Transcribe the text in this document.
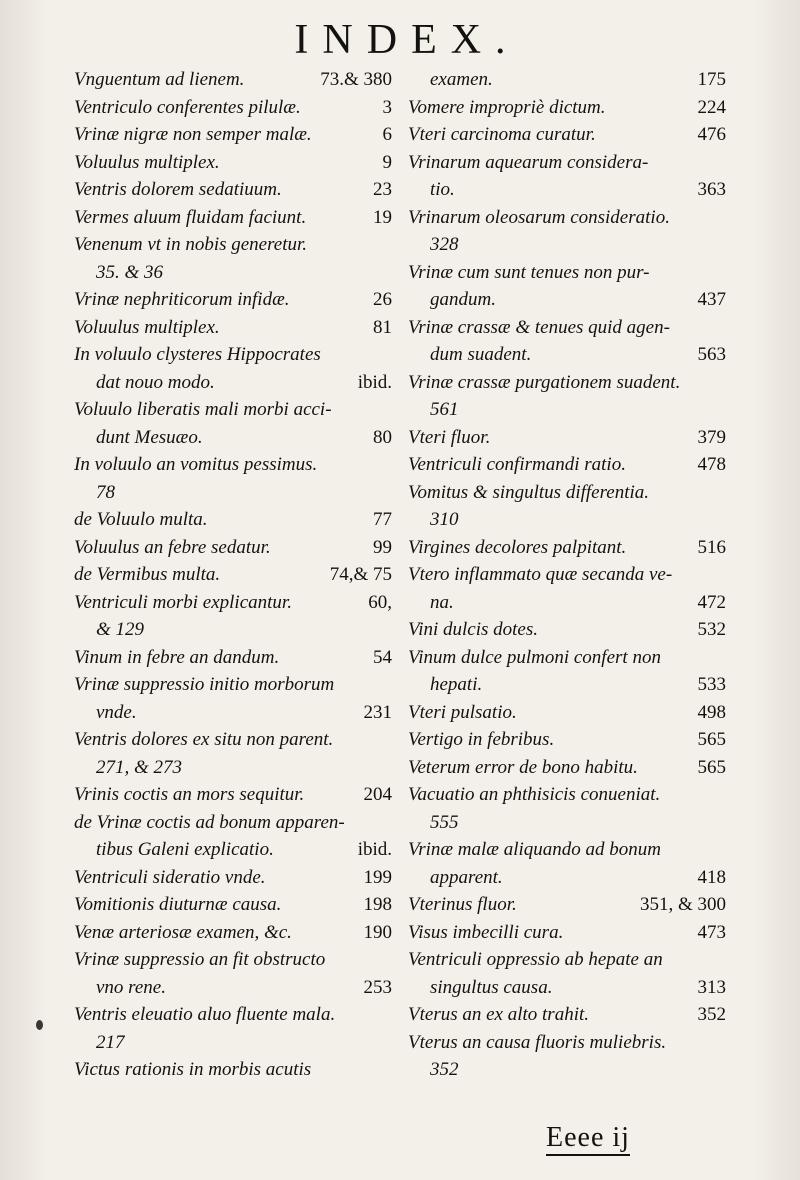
INDEX.
Vnguentum ad lienem.	73.& 380
Ventriculo conferentes pilulæ.	3
Vrinæ nigræ non semper malæ.	6
Voluulus multiplex.	9
Ventris dolorem sedatiuum.	23
Vermes aluum fluidam faciunt.	19
Venenum vt in nobis generetur.
35. & 36
Vrinæ nephriticorum infidæ.	26
Voluulus multiplex.	81
In voluulo clysteres Hippocrates
dat nouo modo.	ibid.
Voluulo liberatis mali morbi acci-
dunt Mesuæo.	80
In voluulo an vomitus pessimus.
78
de Voluulo multa.	77
Voluulus an febre sedatur.	99
de Vermibus multa.	74,& 75
Ventriculi morbi explicantur.	60,
& 129
Vinum in febre an dandum.	54
Vrinæ suppressio initio morborum
vnde.	231
Ventris dolores ex situ non parent.
271, & 273
Vrinis coctis an mors sequitur.	204
de Vrinæ coctis ad bonum apparen-
tibus Galeni explicatio.	ibid.
Ventriculi sideratio vnde.	199
Vomitionis diuturnæ causa.	198
Venæ arteriosæ examen, &c.	190
Vrinæ suppressio an fit obstructo
vno rene.	253
Ventris eleuatio aluo fluente mala.
217
Victus rationis in morbis acutis
examen.	175
Vomere impropriè dictum.	224
Vteri carcinoma curatur.	476
Vrinarum aquearum considera-
tio.	363
Vrinarum oleosarum consideratio.
328
Vrinæ cum sunt tenues non pur-
gandum.	437
Vrinæ crassæ & tenues quid agen-
dum suadent.	563
Vrinæ crassæ purgationem suadent.
561
Vteri fluor.	379
Ventriculi confirmandi ratio.	478
Vomitus & singultus differentia.
310
Virgines decolores palpitant.	516
Vtero inflammato quæ secanda ve-
na.	472
Vini dulcis dotes.	532
Vinum dulce pulmoni confert non
hepati.	533
Vteri pulsatio.	498
Vertigo in febribus.	565
Veterum error de bono habitu.	565
Vacuatio an phthisicis conueniat.
555
Vrinæ malæ aliquando ad bonum
apparent.	418
Vterinus fluor.	351, & 300
Visus imbecilli cura.	473
Ventriculi oppressio ab hepate an
singultus causa.	313
Vterus an ex alto trahit.	352
Vterus an causa fluoris muliebris.
352
Eeee ij
